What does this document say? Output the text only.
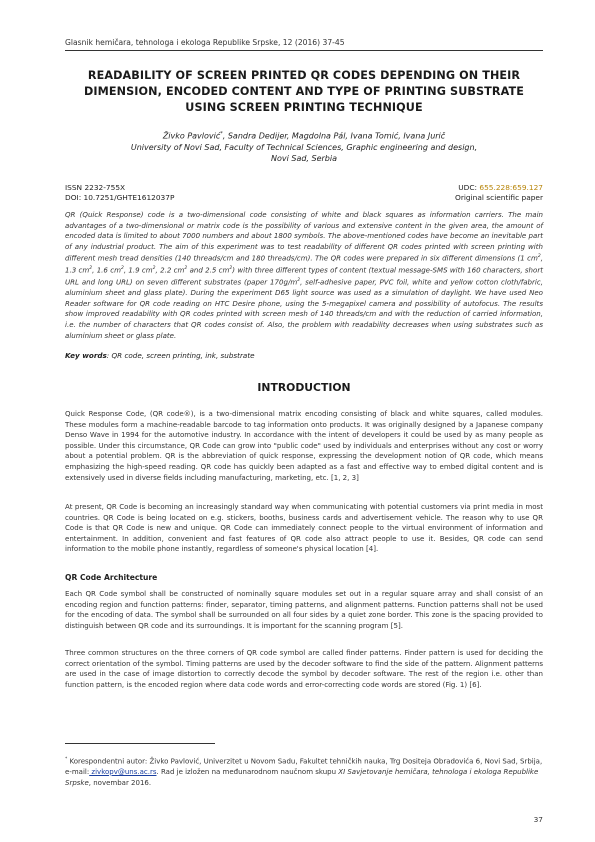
Glasnik hemičara, tehnologa i ekologa Republike Srpske, 12 (2016) 37-45
READABILITY OF SCREEN PRINTED QR CODES DEPENDING ON THEIR DIMENSION, ENCODED CONTENT AND TYPE OF PRINTING SUBSTRATE USING SCREEN PRINTING TECHNIQUE
Živko Pavlović*, Sandra Dedijer, Magdolna Pál, Ivana Tomić, Ivana Jurič
University of Novi Sad, Faculty of Technical Sciences, Graphic engineering and design,
Novi Sad, Serbia
ISSN 2232-755X	UDC: 655.228:659.127
DOI: 10.7251/GHTE1612037P	Original scientific paper
QR (Quick Response) code is a two-dimensional code consisting of white and black squares as information carriers. The main advantages of a two-dimensional or matrix code is the possibility of various and extensive content in the given area, the amount of encoded data is limited to about 7000 numbers and about 1800 symbols. The above-mentioned codes have become an inevitable part of any industrial product. The aim of this experiment was to test readability of different QR codes printed with screen printing with different mesh tread densities (140 threads/cm and 180 threads/cm). The QR codes were prepared in six different dimensions (1 $cm^2$, 1.3 $cm^2$, 1.6 $cm^2$, 1.9 $cm^2$, 2.2 $cm^2$ and 2.5 $cm^2$) with three different types of content (textual message-SMS with 160 characters, short URL and long URL) on seven different substrates (paper $170g/m^2$, self-adhesive paper, PVC foil, white and yellow cotton cloth/fabric, aluminium sheet and glass plate). During the experiment D65 light source was used as a simulation of daylight. We have used Neo Reader software for QR code reading on HTC Desire phone, using the 5-megapixel camera and possibility of autofocus. The results show improved readability with QR codes printed with screen mesh of 140 threads/cm and with the reduction of carried information, i.e. the number of characters that QR codes consist of. Also, the problem with readability decreases when using substrates such as aluminium sheet or glass plate.
Key words: QR code, screen printing, ink, substrate
INTRODUCTION
Quick Response Code, (QR code®), is a two-dimensional matrix encoding consisting of black and white squares, called modules. These modules form a machine-readable barcode to tag information onto products. It was originally designed by a Japanese company Denso Wave in 1994 for the automotive industry. In accordance with the intent of developers it could be used by as many people as possible. Under this circumstance, QR Code can grow into "public code" used by individuals and enterprises without any cost or worry about a potential problem. QR is the abbreviation of quick response, expressing the development notion of QR code, which means emphasizing the high-speed reading. QR code has quickly been adapted as a fast and effective way to embed digital content and is extensively used in diverse fields including manufacturing, marketing, etc. [1, 2, 3]
At present, QR Code is becoming an increasingly standard way when communicating with potential customers via print media in most countries. QR Code is being located on e.g. stickers, booths, business cards and advertisement vehicle. The reason why to use QR Code is that QR Code is new and unique. QR Code can immediately connect people to the virtual environment of information and entertainment. In addition, convenient and fast features of QR code also attract people to use it. Besides, QR code can send information to the mobile phone instantly, regardless of someone's physical location [4].
QR Code Architecture
Each QR Code symbol shall be constructed of nominally square modules set out in a regular square array and shall consist of an encoding region and function patterns: finder, separator, timing patterns, and alignment patterns. Function patterns shall not be used for the encoding of data. The symbol shall be surrounded on all four sides by a quiet zone border. This zone is the spacing provided to distinguish between QR code and its surroundings. It is important for the scanning program [5].
Three common structures on the three corners of QR code symbol are called finder patterns. Finder pattern is used for deciding the correct orientation of the symbol. Timing patterns are used by the decoder software to find the side of the pattern. Alignment patterns are used in the case of image distortion to correctly decode the symbol by decoder software. The rest of the region i.e. other than function pattern, is the encoded region where data code words and error-correcting code words are stored (Fig. 1) [6].
* Korespondentni autor: Živko Pavlović, Univerzitet u Novom Sadu, Fakultet tehničkih nauka, Trg Dositeja Obradovića 6, Novi Sad, Srbija, e-mail: zivkopv@uns.ac.rs. Rad je izložen na međunarodnom naučnom skupu XI Savjetovanje hemičara, tehnologa i ekologa Republike Srpske, novembar 2016.
37
